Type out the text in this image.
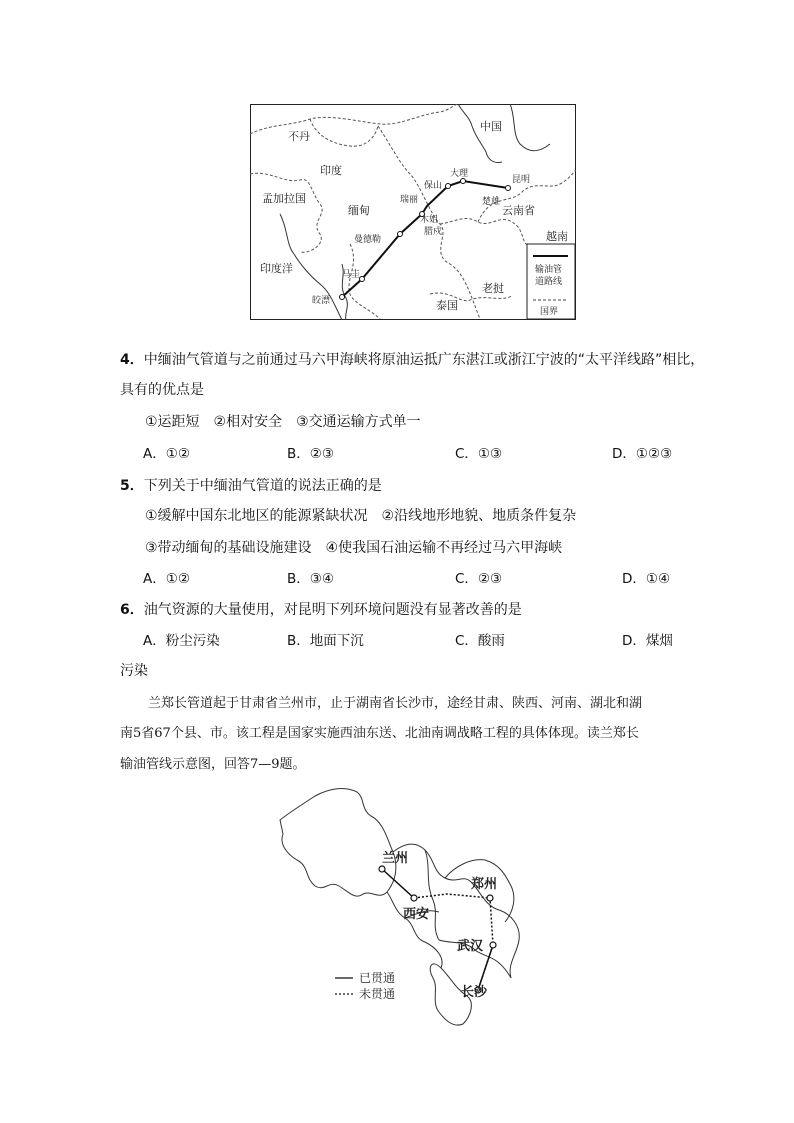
输油管
道路线
国界
中国
不丹
印度
孟加拉国
印度洋
缅甸
大理
保山
昆明
楚雄
云南省
瑞丽
木姐
曼德勒
腊戍
马圭
皎漂	泰国
老挝
越南
4．中缅油气管道与之前通过马六甲海峡将原油运抵广东湛江或浙江宁波的“太平洋线路”相比，
具有的优点是
①运距短　②相对安全　③交通运输方式单一
A．①②	B．②③	C．①③	D．①②③
5．下列关于中缅油气管道的说法正确的是
①缓解中国东北地区的能源紧缺状况　②沿线地形地貌、地质条件复杂
③带动缅甸的基础设施建设　④使我国石油运输不再经过马六甲海峡
A．①②	B．③④	C．②③	D．①④
6．油气资源的大量使用，对昆明下列环境问题没有显著改善的是
A．粉尘污染	B．地面下沉	C．酸雨	D．煤烟
污染
兰郑长管道起于甘肃省兰州市，止于湖南省长沙市，途经甘肃、陕西、河南、湖北和湖
南5省67个县、市。该工程是国家实施西油东送、北油南调战略工程的具体体现。读兰郑长
输油管线示意图，回答7—9题。
兰州
郑州
西安
武汉
长沙
已贯通
未贯通
